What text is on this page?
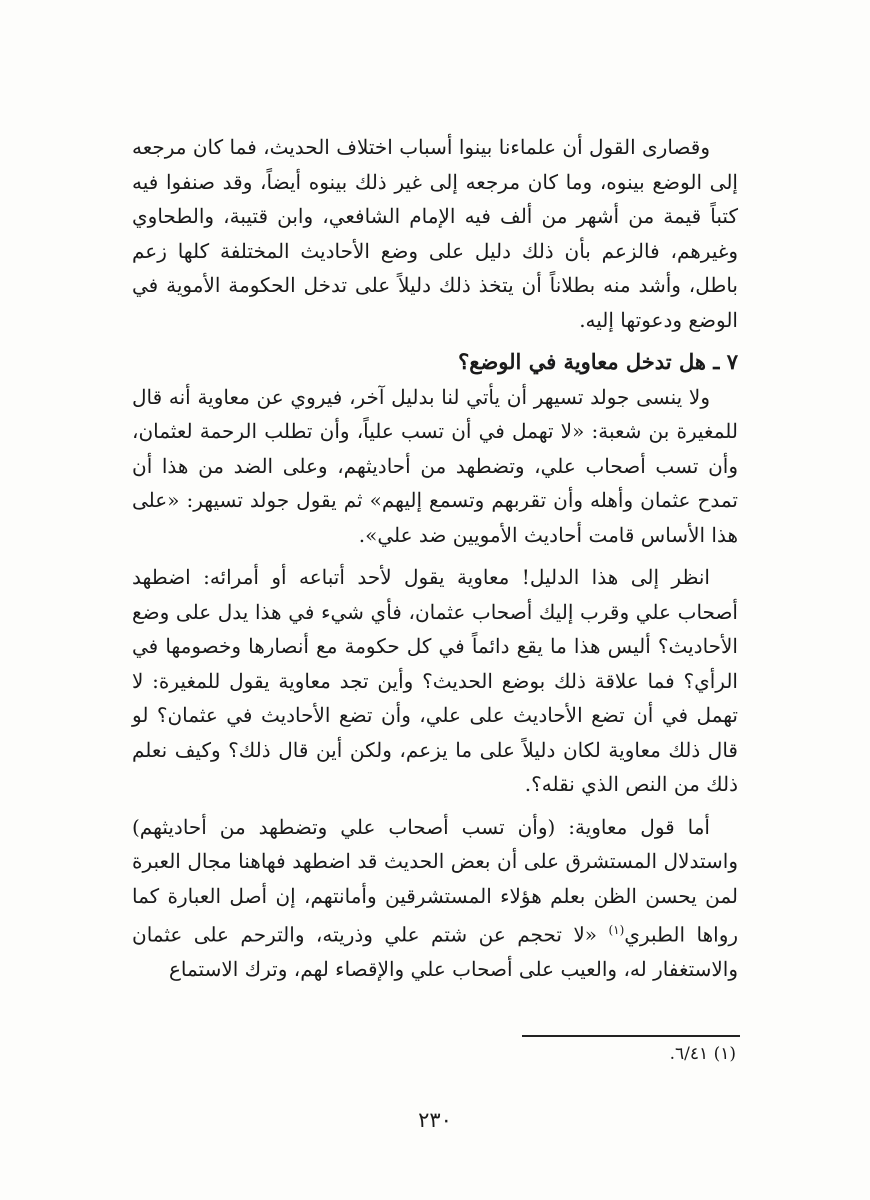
وقصارى القول أن علماءنا بينوا أسباب اختلاف الحديث، فما كان مرجعه إلى الوضع بينوه، وما كان مرجعه إلى غير ذلك بينوه أيضاً، وقد صنفوا فيه كتباً قيمة من أشهر من ألف فيه الإمام الشافعي، وابن قتيبة، والطحاوي وغيرهم، فالزعم بأن ذلك دليل على وضع الأحاديث المختلفة كلها زعم باطل، وأشد منه بطلاناً أن يتخذ ذلك دليلاً على تدخل الحكومة الأموية في الوضع ودعوتها إليه.

٧ ـ هل تدخل معاوية في الوضع؟

ولا ينسى جولد تسيهر أن يأتي لنا بدليل آخر، فيروي عن معاوية أنه قال للمغيرة بن شعبة: «لا تهمل في أن تسب علياً، وأن تطلب الرحمة لعثمان، وأن تسب أصحاب علي، وتضطهد من أحاديثهم، وعلى الضد من هذا أن تمدح عثمان وأهله وأن تقربهم وتسمع إليهم» ثم يقول جولد تسيهر: «على هذا الأساس قامت أحاديث الأمويين ضد علي».

انظر إلى هذا الدليل! معاوية يقول لأحد أتباعه أو أمرائه: اضطهد أصحاب علي وقرب إليك أصحاب عثمان، فأي شيء في هذا يدل على وضع الأحاديث؟ أليس هذا ما يقع دائماً في كل حكومة مع أنصارها وخصومها في الرأي؟ فما علاقة ذلك بوضع الحديث؟ وأين تجد معاوية يقول للمغيرة: لا تهمل في أن تضع الأحاديث على علي، وأن تضع الأحاديث في عثمان؟ لو قال ذلك معاوية لكان دليلاً على ما يزعم، ولكن أين قال ذلك؟ وكيف نعلم ذلك من النص الذي نقله؟.

أما قول معاوية: (وأن تسب أصحاب علي وتضطهد من أحاديثهم) واستدلال المستشرق على أن بعض الحديث قد اضطهد فهاهنا مجال العبرة لمن يحسن الظن بعلم هؤلاء المستشرقين وأمانتهم، إن أصل العبارة كما رواها الطبري$^{(١)}$ «لا تحجم عن شتم علي وذريته، والترحم على عثمان والاستغفار له، والعيب على أصحاب علي والإقصاء لهم، وترك الاستماع

(١) ٦/٤١.
٢٣٠
